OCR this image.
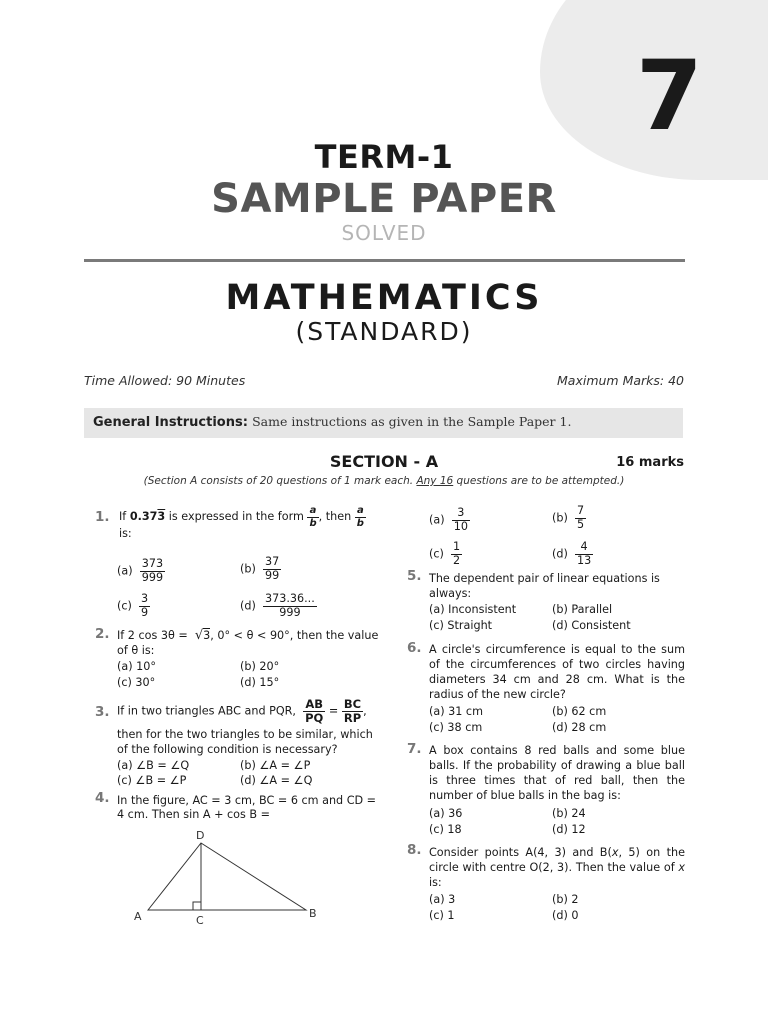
7
TERM-1
SAMPLE PAPER
SOLVED
MATHEMATICS
(STANDARD)
Time Allowed: 90 Minutes	Maximum Marks: 40
General Instructions: Same instructions as given in the Sample Paper 1.
SECTION - A	16 marks
(Section A consists of 20 questions of 1 mark each. Any 16 questions are to be attempted.)
1. If 0.373 is expressed in the form $\frac{a}{b}$ , then $\frac{a}{b}$
is:
$(a) \frac{373}{999}$	$(b) \frac{37}{99}$
$(c) \frac{3}{9}$	$(d) \frac{373.36...}{999}$
2. If 2 cos 3θ = √3, 0° < θ < 90°, then the value
of θ is:
(a) 10°	(b) 20°
(c) 30°	(d) 15°
3. If in two triangles ABC and PQR, $\frac{AB}{PQ} = \frac{BC}{RP}$ ,
then for the two triangles to be similar, which
of the following condition is necessary?
(a) ∠B = ∠Q	(b) ∠A = ∠P
(c) ∠B = ∠P	(d) ∠A = ∠Q
4. In the figure, AC = 3 cm, BC = 6 cm and CD =
4 cm. Then sin A + cos B =
A	C
B
D
$(a) \frac{3}{10}$	$(b) \frac{7}{5}$
$(c) \frac{1}{2}$	$(d) \frac{4}{13}$
5. The dependent pair of linear equations is
always:
(a) Inconsistent	(b) Parallel
(c) Straight	(d) Consistent
6. A circle's circumference is equal to the sum of the circumferences of two circles having diameters 34 cm and 28 cm. What is the radius of the new circle?
(a) 31 cm	(b) 62 cm
(c) 38 cm	(d) 28 cm
7. A box contains 8 red balls and some blue balls. If the probability of drawing a blue ball is three times that of red ball, then the number of blue balls in the bag is:
(a) 36	(b) 24
(c) 18	(d) 12
8. Consider points A(4, 3) and B(x, 5) on the circle with centre O(2, 3). Then the value of x is:
(a) 3	(b) 2
(c) 1	(d) 0
